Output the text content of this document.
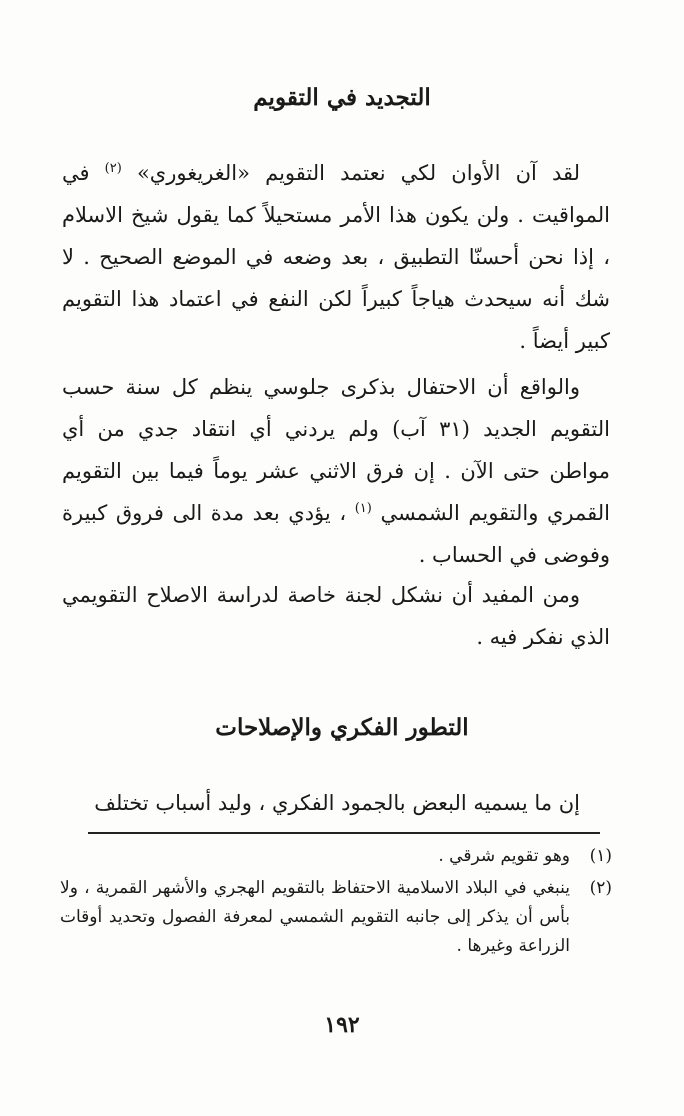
التجديد في التقويم
لقد آن الأوان لكي نعتمد التقويم «الغريغوري» $^{(٢)}$ في المواقيت . ولن يكون هذا الأمر مستحيلاً كما يقول شيخ الاسلام ، إذا نحن أحسنّا التطبيق ، بعد وضعه في الموضع الصحيح . لا شك أنه سيحدث هياجاً كبيراً لكن النفع في اعتماد هذا التقويم كبير أيضاً .
والواقع أن الاحتفال بذكرى جلوسي ينظم كل سنة حسب التقويم الجديد (٣١ آب) ولم يردني أي انتقاد جدي من أي مواطن حتى الآن . إن فرق الاثني عشر يوماً فيما بين التقويم القمري والتقويم الشمسي $^{(١)}$ ، يؤدي بعد مدة الى فروق كبيرة وفوضى في الحساب .
ومن المفيد أن نشكل لجنة خاصة لدراسة الاصلاح التقويمي الذي نفكر فيه .
التطور الفكري والإصلاحات
إن ما يسميه البعض بالجمود الفكري ، وليد أسباب تختلف
(١)
وهو تقويم شرقي .
(٢)
ينبغي في البلاد الاسلامية الاحتفاظ بالتقويم الهجري والأشهر القمرية ، ولا بأس أن يذكر إلى جانبه التقويم الشمسي لمعرفة الفصول وتحديد أوقات الزراعة وغيرها .
١٩٢
